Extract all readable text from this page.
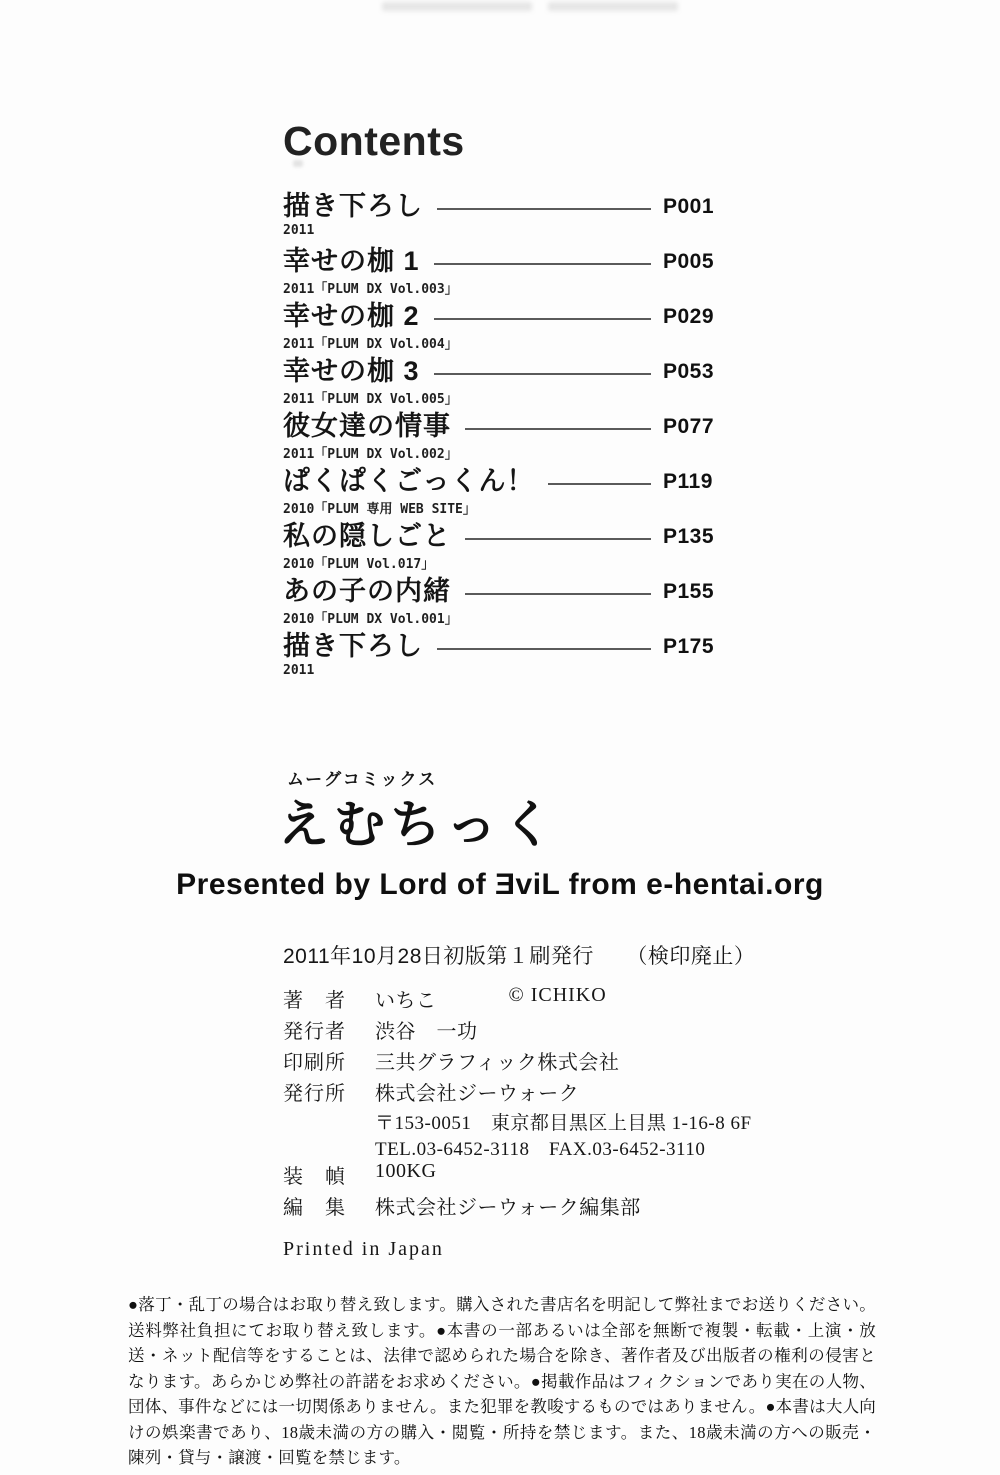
Contents
描き下ろし	P001
2011
幸せの枷 1	P005
2011「PLUM DX Vol.003」
幸せの枷 2	P029
2011「PLUM DX Vol.004」
幸せの枷 3	P053
2011「PLUM DX Vol.005」
彼女達の情事	P077
2011「PLUM DX Vol.002」
ぱくぱくごっくん！	P119
2010「PLUM 専用 WEB SITE」
私の隠しごと	P135
2010「PLUM Vol.017」
あの子の内緒	P155
2010「PLUM DX Vol.001」
描き下ろし	P175
2011
ムーグコミックス
えむちっく
Presented by Lord of ƎviL from e-hentai.org
2011年10月28日初版第１刷発行　　（検印廃止）
著　者	いちこ	© ICHIKO
発行者	渋谷　一功
印刷所	三共グラフィック株式会社
発行所	株式会社ジーウォーク
〒153-0051　東京都目黒区上目黒 1-16-8 6F
TEL.03-6452-3118　FAX.03-6452-3110
装　幀	100KG
編　集	株式会社ジーウォーク編集部
Printed in Japan

●落丁・乱丁の場合はお取り替え致します。購入された書店名を明記して弊社までお送りください。送料弊社負担にてお取り替え致します。●本書の一部あるいは全部を無断で複製・転載・上演・放送・ネット配信等をすることは、法律で認められた場合を除き、著作者及び出版者の権利の侵害となります。あらかじめ弊社の許諾をお求めください。●掲載作品はフィクションであり実在の人物、団体、事件などには一切関係ありません。また犯罪を教唆するものではありません。●本書は大人向けの娯楽書であり、18歳未満の方の購入・閲覧・所持を禁じます。また、18歳未満の方への販売・陳列・貸与・譲渡・回覧を禁じます。
